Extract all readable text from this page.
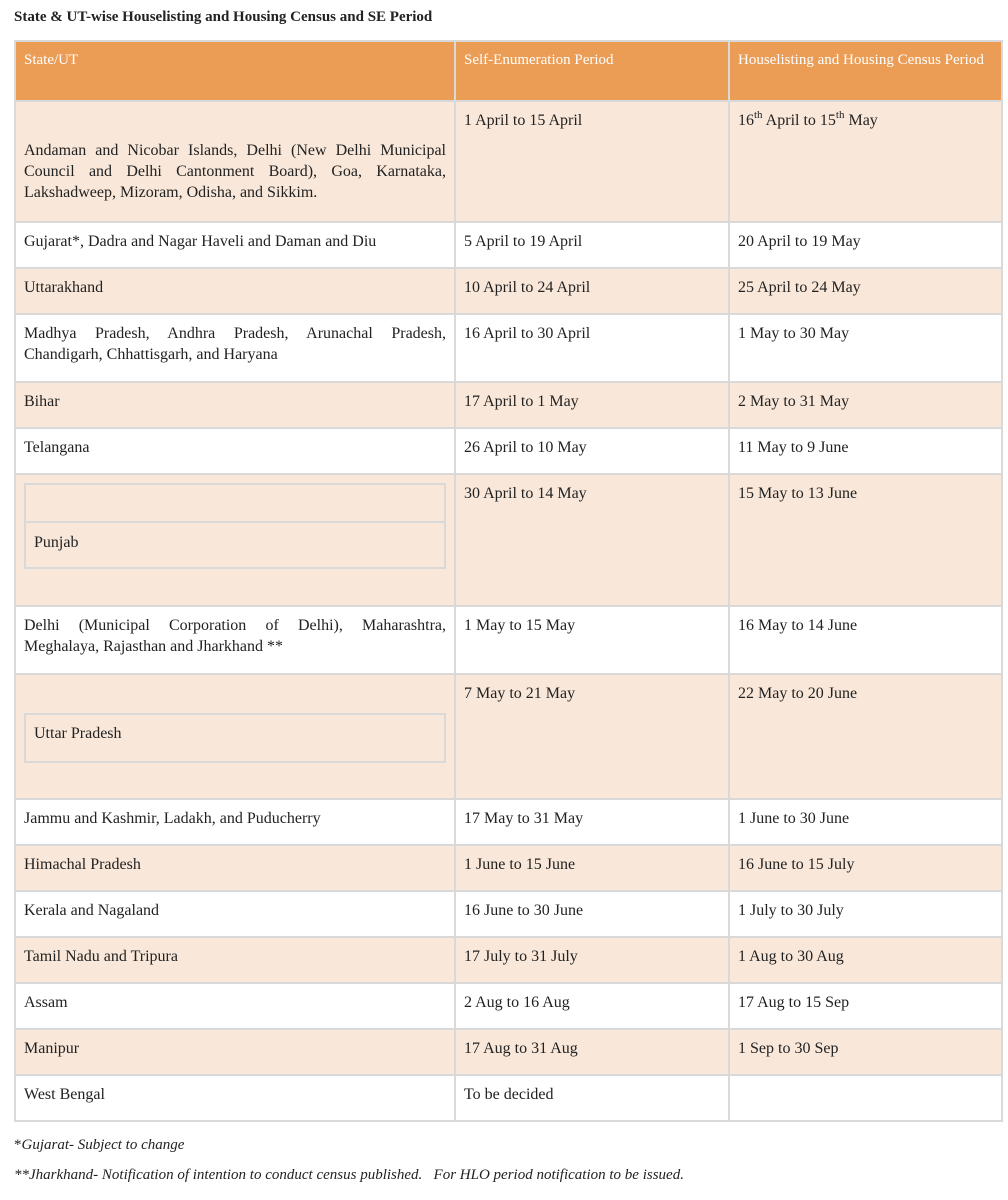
State & UT-wise Houselisting and Housing Census and SE Period
State/UT	Self-Enumeration Period	Houselisting and Housing Census Period
Andaman and Nicobar Islands, Delhi (New Delhi Municipal Council and Delhi Cantonment Board), Goa, Karnataka, Lakshadweep, Mizoram, Odisha, and Sikkim.	1 April to 15 April	16th April to 15th May
Gujarat*, Dadra and Nagar Haveli and Daman and Diu	5 April to 19 April	20 April to 19 May
Uttarakhand	10 April to 24 April	25 April to 24 May
Madhya Pradesh, Andhra Pradesh, Arunachal Pradesh, Chandigarh, Chhattisgarh, and Haryana	16 April to 30 April	1 May to 30 May
Bihar	17 April to 1 May	2 May to 31 May
Telangana	26 April to 10 May	11 May to 9 June

Punjab	30 April to 14 May	15 May to 13 June
Delhi (Municipal Corporation of Delhi), Maharashtra, Meghalaya, Rajasthan and Jharkhand **	1 May to 15 May	16 May to 14 June

Uttar Pradesh	7 May to 21 May	22 May to 20 June
Jammu and Kashmir, Ladakh, and Puducherry	17 May to 31 May	1 June to 30 June
Himachal Pradesh	1 June to 15 June	16 June to 15 July
Kerala and Nagaland	16 June to 30 June	1 July to 30 July
Tamil Nadu and Tripura	17 July to 31 July	1 Aug to 30 Aug
Assam	2 Aug to 16 Aug	17 Aug to 15 Sep
Manipur	17 Aug to 31 Aug	1 Sep to 30 Sep
West Bengal	To be decided	
*Gujarat- Subject to change
**Jharkhand- Notification of intention to conduct census published.   For HLO period notification to be issued.
